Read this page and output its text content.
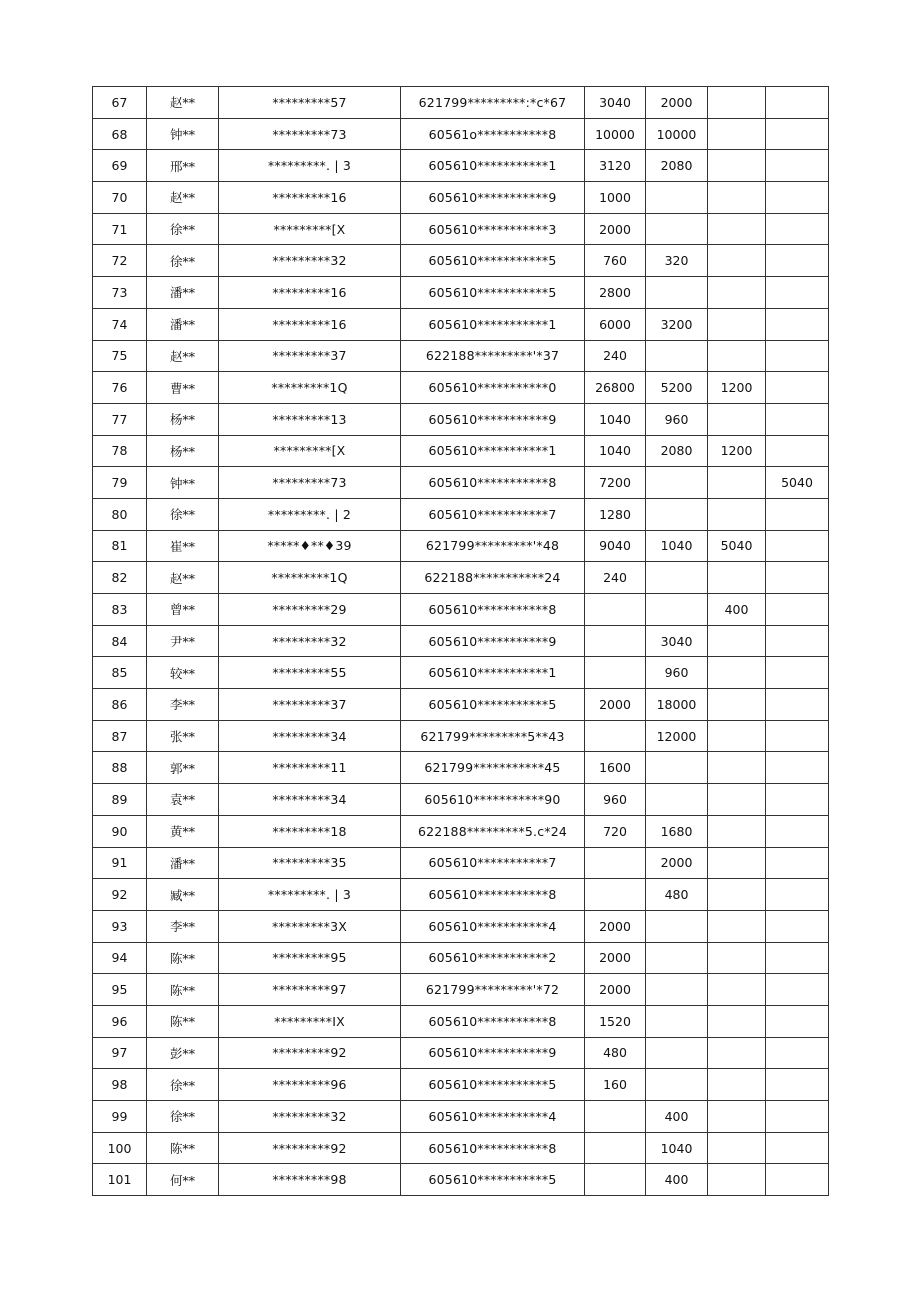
67	赵**	*********57	621799*********:*c*67	3040	2000		
68	钟**	*********73	60561o***********8	10000	10000		
69	邢**	*********. | 3	605610***********1	3120	2080		
70	赵**	*********16	605610***********9	1000			
71	徐**	*********[X	605610***********3	2000			
72	徐**	*********32	605610***********5	760	320		
73	潘**	*********16	605610***********5	2800			
74	潘**	*********16	605610***********1	6000	3200		
75	赵**	*********37	622188*********'*37	240			
76	曹**	*********1Q	605610***********0	26800	5200	1200	
77	杨**	*********13	605610***********9	1040	960		
78	杨**	*********[X	605610***********1	1040	2080	1200	
79	钟**	*********73	605610***********8	7200			5040
80	徐**	*********. | 2	605610***********7	1280			
81	崔**	*****♦**♦39	621799*********'*48	9040	1040	5040	
82	赵**	*********1Q	622188***********24	240			
83	曾**	*********29	605610***********8			400	
84	尹**	*********32	605610***********9		3040		
85	较**	*********55	605610***********1		960		
86	李**	*********37	605610***********5	2000	18000		
87	张**	*********34	621799*********5**43		12000		
88	郭**	*********11	621799***********45	1600			
89	袁**	*********34	605610***********90	960			
90	黄**	*********18	622188*********5.c*24	720	1680		
91	潘**	*********35	605610***********7		2000		
92	臧**	*********. | 3	605610***********8		480		
93	李**	*********3X	605610***********4	2000			
94	陈**	*********95	605610***********2	2000			
95	陈**	*********97	621799*********'*72	2000			
96	陈**	*********IX	605610***********8	1520			
97	彭**	*********92	605610***********9	480			
98	徐**	*********96	605610***********5	160			
99	徐**	*********32	605610***********4		400		
100	陈**	*********92	605610***********8		1040		
101	何**	*********98	605610***********5		400		
